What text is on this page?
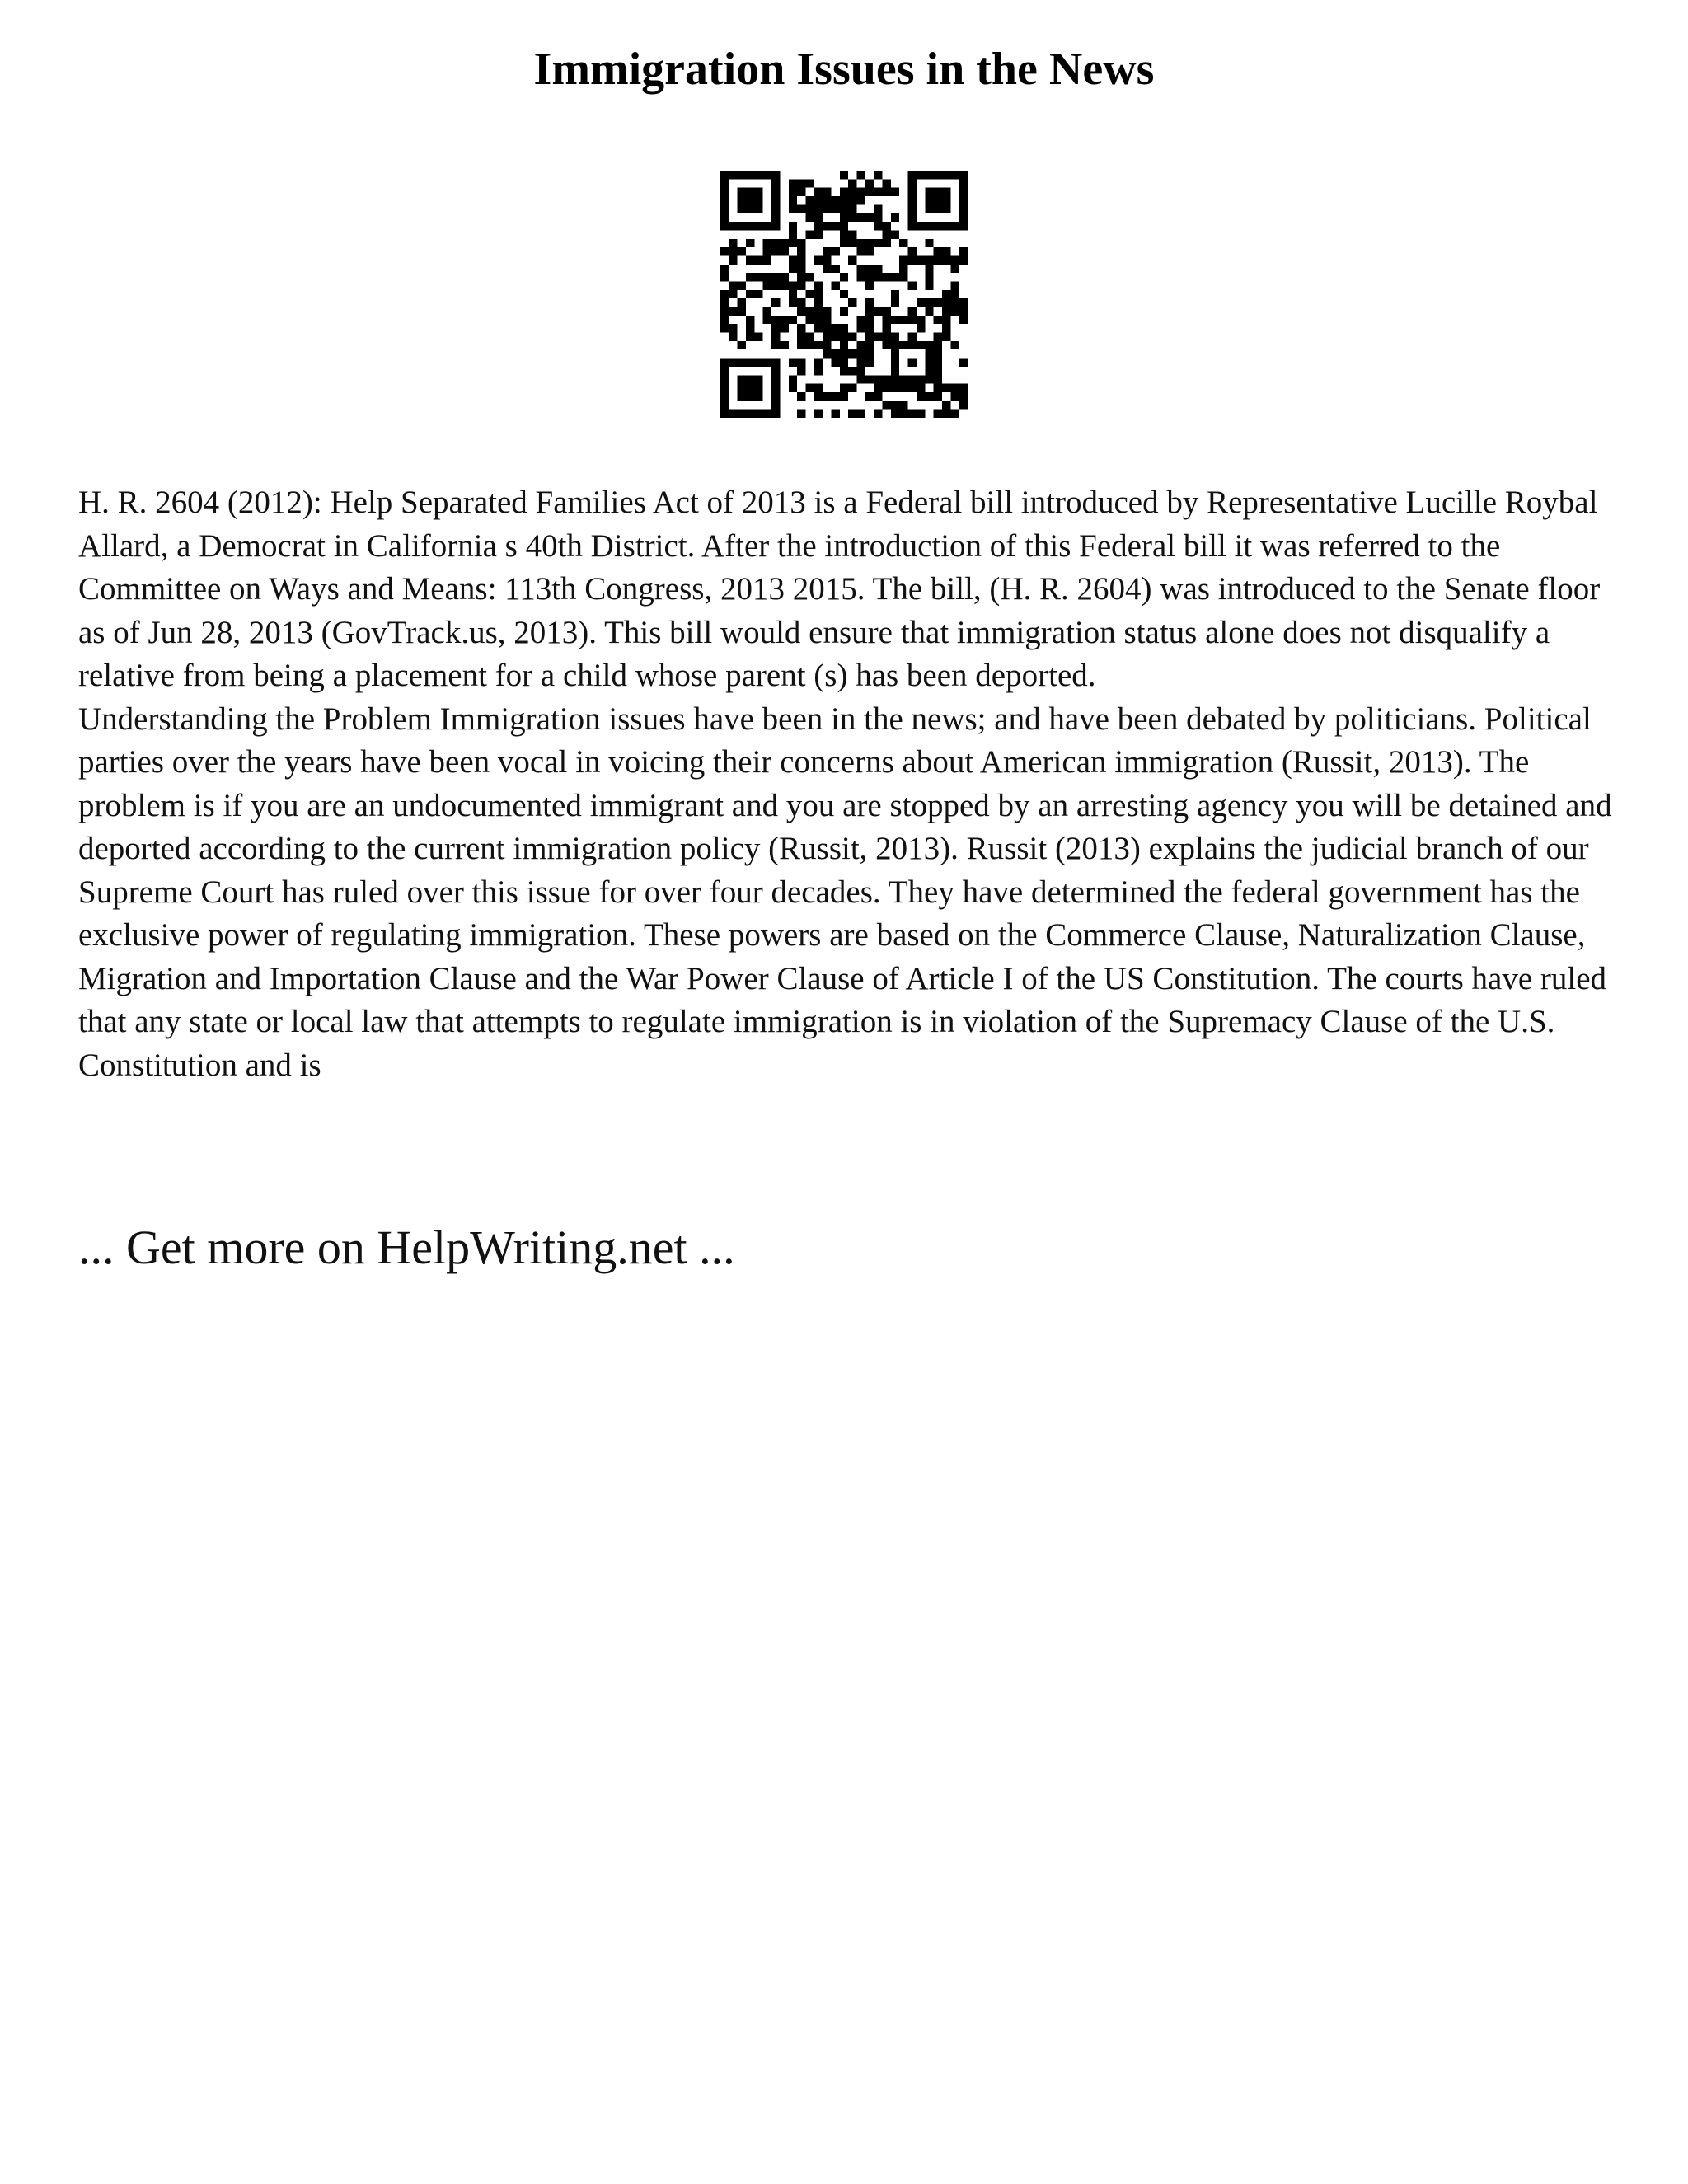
Immigration Issues in the News

H. R. 2604 (2012): Help Separated Families Act of 2013 is a Federal bill introduced by Representative Lucille Roybal Allard, a Democrat in California s 40th District. After the introduction of this Federal bill it was referred to the Committee on Ways and Means: 113th Congress, 2013 2015. The bill, (H. R. 2604) was introduced to the Senate floor as of Jun 28, 2013 (GovTrack.us, 2013). This bill would ensure that immigration status alone does not disqualify a relative from being a placement for a child whose parent (s) has been deported.

Understanding the Problem Immigration issues have been in the news; and have been debated by politicians. Political parties over the years have been vocal in voicing their concerns about American immigration (Russit, 2013). The problem is if you are an undocumented immigrant and you are stopped by an arresting agency you will be detained and deported according to the current immigration policy (Russit, 2013). Russit (2013) explains the judicial branch of our Supreme Court has ruled over this issue for over four decades. They have determined the federal government has the exclusive power of regulating immigration. These powers are based on the Commerce Clause, Naturalization Clause, Migration and Importation Clause and the War Power Clause of Article I of the US Constitution. The courts have ruled that any state or local law that attempts to regulate immigration is in violation of the Supremacy Clause of the U.S. Constitution and is

... Get more on HelpWriting.net ...
